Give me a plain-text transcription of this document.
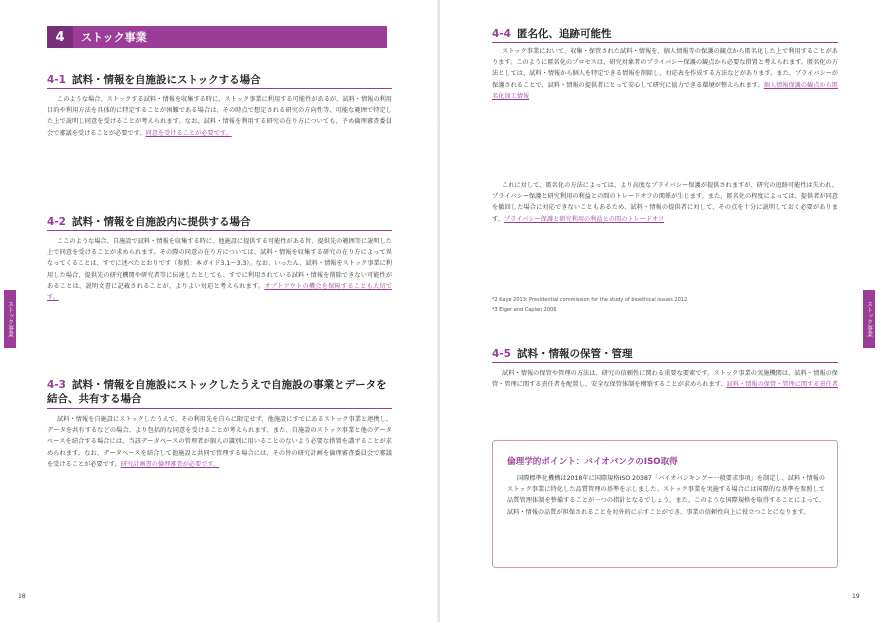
4	ストック事業
4-1 試料・情報を自施設にストックする場合
このような場合、ストックする試料・情報を収集する時に、ストック事業に利用する可能性があるが、試料・情報の利用目的や利用方法を具体的に特定することが困難である場合は、その時点で想定される研究の方向性等、可能な範囲で特定した上で説明し同意を受けることが考えられます。なお、試料・情報を利用する研究の在り方についても、予め倫理審査委員会で審議を受けることが必要です。同意を受けることが必要です。
4-2 試料・情報を自施設内に提供する場合
ここのような場合、自施設で試料・情報を収集する時に、他施設に提供する可能性がある旨、提供先の範囲等に説明した上で同意を受けることが求められます。その際の同意の在り方については、試料・情報を収集する研究の在り方によって異なってくることは、すでに述べたとおりです（参照：本ガイド3.1〜3.3）。なお、いったん、試料・情報をストック事業に利用した場合、提供先の研究機関や研究者等に伝達したとしても、すでに利用されている試料・情報を削除できない可能性があることは、説明文書に記載されることが、よりよい対応と考えられます。オプトアウトの機会を保障することも大切です。
4-3 試料・情報を自施設にストックしたうえで自施設の事業とデータを結合、共有する場合
試料・情報を自施設にストックしたうえで、その利用先を自らに限定せず、他施設にすでにあるストック事業と連携し、データを共有するなどの場合、より包括的な同意を受けることが考えられます。また、自施設のストック事業と他のデータベースを結合する場合には、当該データベースの管理者が個人の識別に用いることのないよう必要な措置を講ずることが求められます。なお、データベースを結合して他施設と共同で管理する場合には、その旨の研究計画を倫理審査委員会で審議を受けることが必要です。研究計画書の倫理審査が必要です。
ストック事業
18
4-4 匿名化、追跡可能性
ストック事業において、収集・保管された試料・情報を、個人情報等の保護の観点から匿名化した上で利用することがあります。このように匿名化のプロセスは、研究対象者のプライバシー保護の観点から必要な措置と考えられます。匿名化の方法としては、試料・情報から個人を特定できる情報を削除し、対応表を作成する方法などがあります。また、プライバシーが保護されることで、試料・情報の提供者にとって安心して研究に協力できる環境が整えられます。個人情報保護の観点から匿名化加工情報
これに対して、匿名化の方法によっては、より高度なプライバシー保護が提供されますが、研究の追跡可能性は失われ、プライバシー保護と研究利用の利益との間のトレードオフの関係が生じます。また、匿名化の程度によっては、提供者が同意を撤回した場合に対応できないこともあるため、試料・情報の提供者に対して、その点を十分に説明しておく必要があります。プライバシー保護と研究利用の利益との間のトレードオフ
*2 Kaye 2013: Presidential commission for the study of bioethical issues 2012.
*3 Elger and Caplan 2006
4-5 試料・情報の保管・管理
試料・情報の保管や管理の方法は、研究の信頼性に関わる重要な要素です。ストック事業の実施機関は、試料・情報の保管・管理に関する責任者を配置し、安全な保管体制を構築することが求められます。試料・情報の保管・管理に関する責任者
倫理学的ポイント：バイオバンクのISO取得
国際標準化機構は2018年に国際規格ISO 20387「バイオバンキングー一般要求事項」を制定し、試料・情報のストック事業に特化した品質管理の基準を示しました。ストック事業を実施する場合には国際的な基準を参照して品質管理体制を整備することが一つの指針となるでしょう。また、このような国際規格を取得することによって、試料・情報の品質が担保されることを対外的に示すことができ、事業の信頼性向上に役立つことになります。
ストック事業
19
